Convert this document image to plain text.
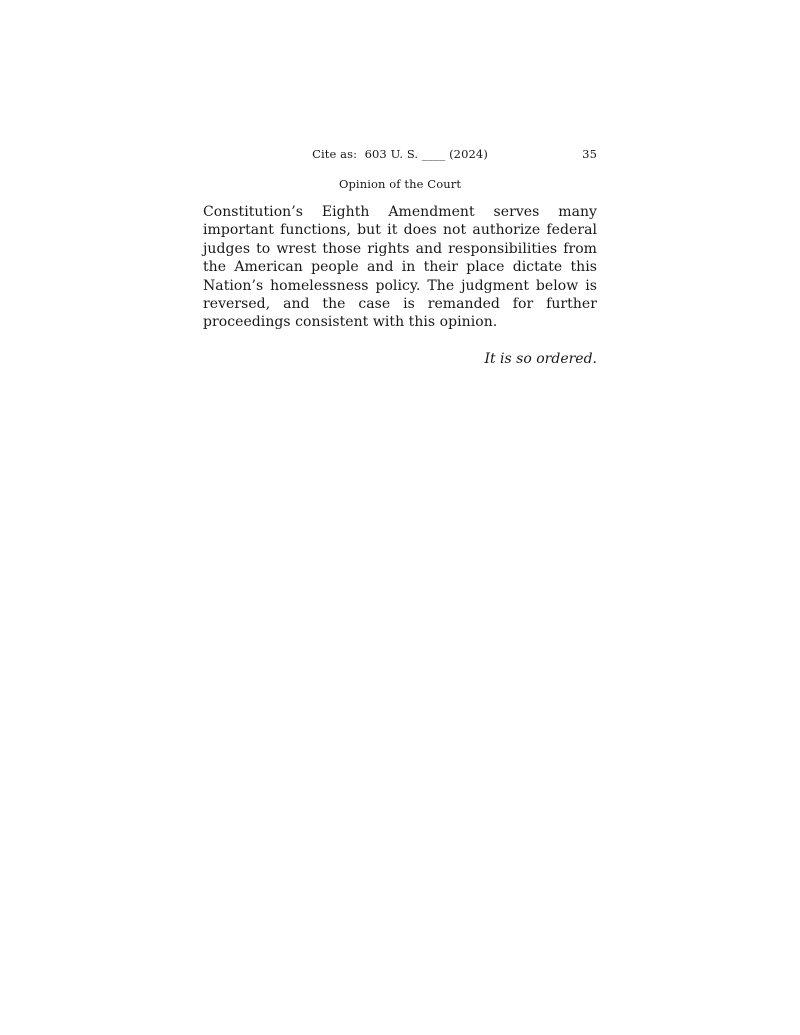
Cite as:  603 U. S. ____ (2024)	35
Opinion of the Court

Constitution’s Eighth Amendment serves many important functions, but it does not authorize federal judges to wrest those rights and responsibilities from the American people and in their place dictate this Nation’s homelessness policy. The judgment below is reversed, and the case is remanded for further proceedings consistent with this opinion.

It is so ordered.
